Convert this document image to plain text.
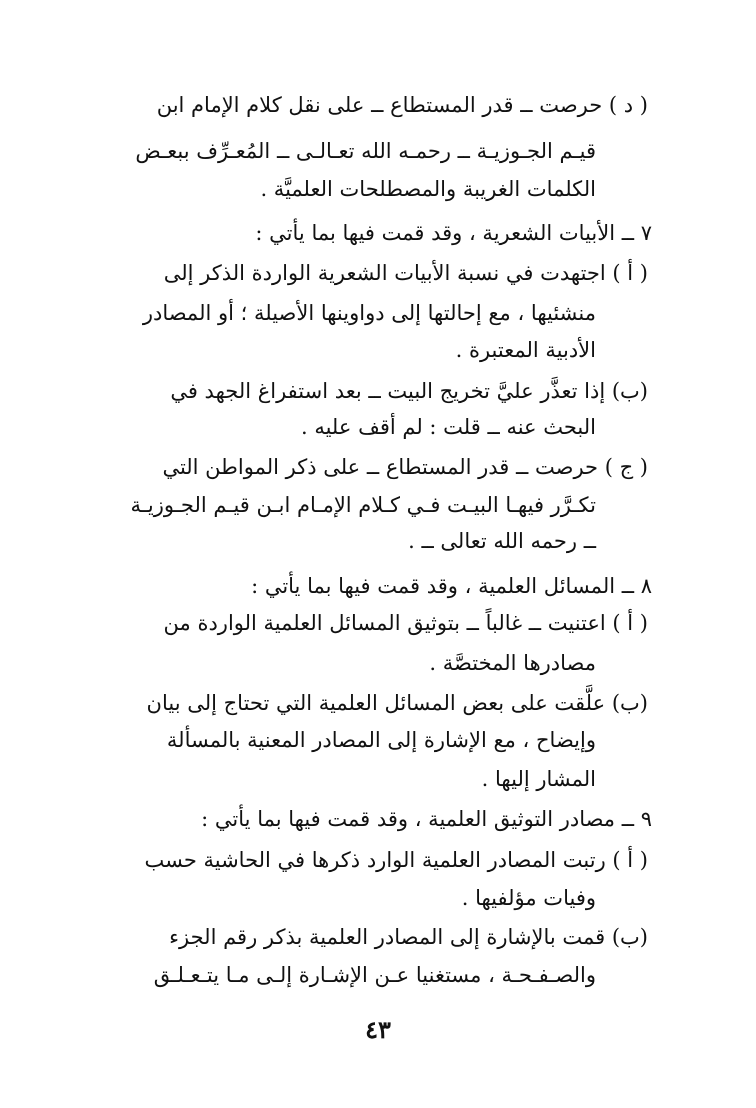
( د ) حرصت ــ قدر المستطاع ــ على نقل كلام الإمام ابن
قيـم الجـوزيـة ــ رحمـه الله تعـالـى ــ المُعـرِّف ببعـض
الكلمات الغريبة والمصطلحات العلميَّة .
٧ ــ الأبيات الشعرية ، وقد قمت فيها بما يأتي :
( أ ) اجتهدت في نسبة الأبيات الشعرية الواردة الذكر إلى
منشئيها ، مع إحالتها إلى دواوينها الأصيلة ؛ أو المصادر
الأدبية المعتبرة .
(ب) إذا تعذَّر عليَّ تخريج البيت ــ بعد استفراغ الجهد في
البحث عنه ــ قلت : لم أقف عليه .
( ج ) حرصت ــ قدر المستطاع ــ على ذكر المواطن التي
تكـرَّر فيهـا البيـت فـي كـلام الإمـام ابـن قيـم الجـوزيـة
ــ رحمه الله تعالى ــ .
٨ ــ المسائل العلمية ، وقد قمت فيها بما يأتي :
( أ ) اعتنيت ــ غالباً ــ بتوثيق المسائل العلمية الواردة من
مصادرها المختصَّة .
(ب) علَّقت على بعض المسائل العلمية التي تحتاج إلى بيان
وإيضاح ، مع الإشارة إلى المصادر المعنية بالمسألة
المشار إليها .
٩ ــ مصادر التوثيق العلمية ، وقد قمت فيها بما يأتي :
( أ ) رتبت المصادر العلمية الوارد ذكرها في الحاشية حسب
وفيات مؤلفيها .
(ب) قمت بالإشارة إلى المصادر العلمية بذكر رقم الجزء
والصـفـحـة ، مستغنيا عـن الإشـارة إلـى مـا يتـعـلـق
٤٣
